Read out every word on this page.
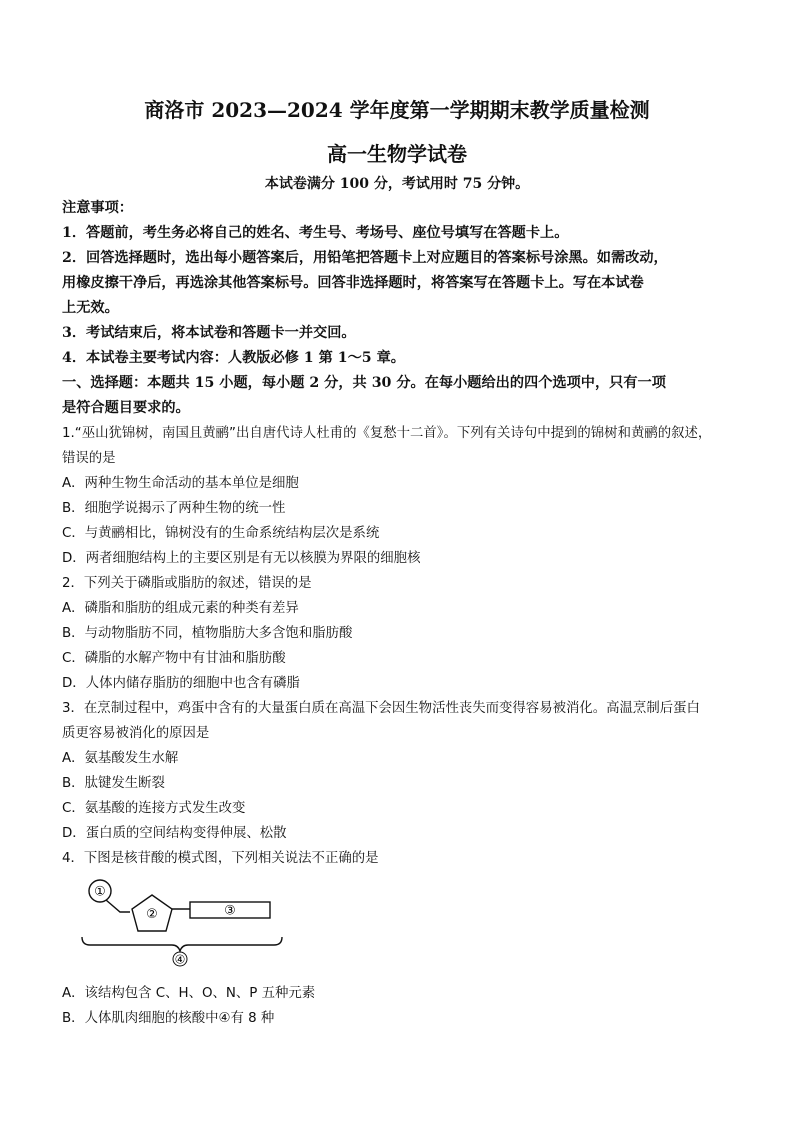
商洛市 2023—2024 学年度第一学期期末教学质量检测
高一生物学试卷
本试卷满分 100 分，考试用时 75 分钟。
注意事项：
1．答题前，考生务必将自己的姓名、考生号、考场号、座位号填写在答题卡上。
2．回答选择题时，选出每小题答案后，用铅笔把答题卡上对应题目的答案标号涂黑。如需改动，
用橡皮擦干净后，再选涂其他答案标号。回答非选择题时，将答案写在答题卡上。写在本试卷
上无效。
3．考试结束后，将本试卷和答题卡一并交回。
4．本试卷主要考试内容：人教版必修 1 第 1～5 章。
一、选择题：本题共 15 小题，每小题 2 分，共 30 分。在每小题给出的四个选项中，只有一项
是符合题目要求的。
1.“巫山犹锦树，南国且黄鹂”出自唐代诗人杜甫的《复愁十二首》。下列有关诗句中提到的锦树和黄鹂的叙述，
错误的是
A．两种生物生命活动的基本单位是细胞
B．细胞学说揭示了两种生物的统一性
C．与黄鹂相比，锦树没有的生命系统结构层次是系统
D．两者细胞结构上的主要区别是有无以核膜为界限的细胞核
2．下列关于磷脂或脂肪的叙述，错误的是
A．磷脂和脂肪的组成元素的种类有差异
B．与动物脂肪不同，植物脂肪大多含饱和脂肪酸
C．磷脂的水解产物中有甘油和脂肪酸
D．人体内储存脂肪的细胞中也含有磷脂
3．在烹制过程中，鸡蛋中含有的大量蛋白质在高温下会因生物活性丧失而变得容易被消化。高温烹制后蛋白
质更容易被消化的原因是
A．氨基酸发生水解
B．肽键发生断裂
C．氨基酸的连接方式发生改变
D．蛋白质的空间结构变得伸展、松散
4．下图是核苷酸的模式图，下列相关说法不正确的是
①
②	③
④
A．该结构包含 C、H、O、N、P 五种元素
B．人体肌肉细胞的核酸中④有 8 种
